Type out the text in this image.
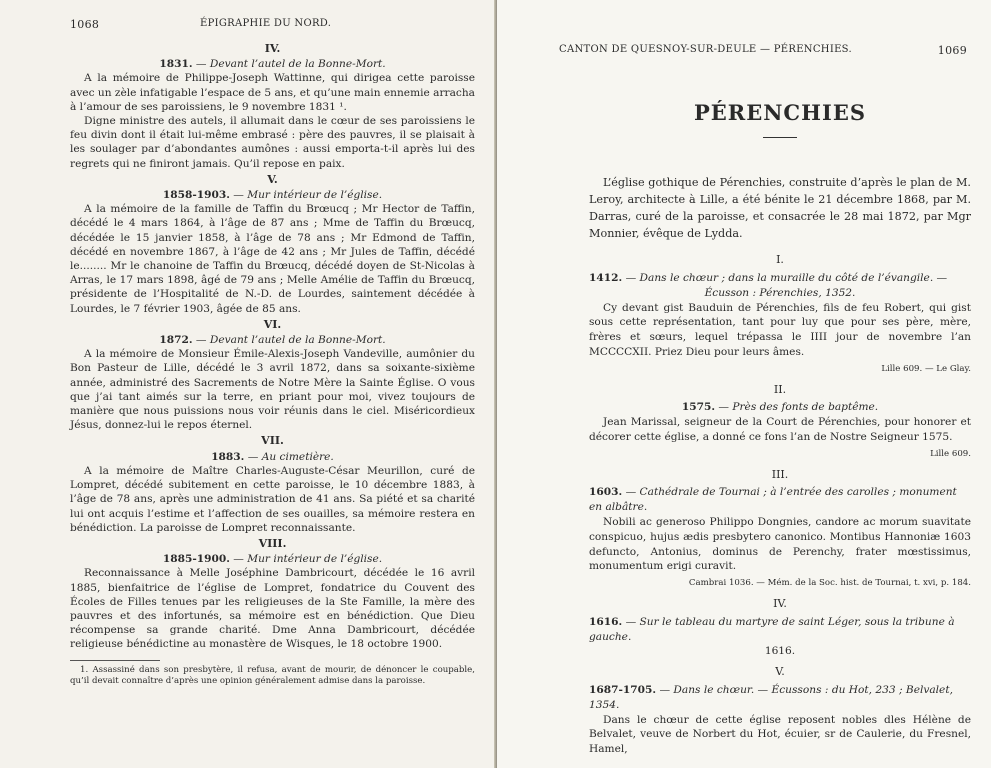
1068	ÉPIGRAPHIE DU NORD.
IV.
1831. — Devant l’autel de la Bonne-Mort.

A la mémoire de Philippe-Joseph Wattinne, qui dirigea cette paroisse avec un zèle infatigable l’espace de 5 ans, et qu’une main ennemie arracha à l’amour de ses paroissiens, le 9 novembre 1831 ¹.

Digne ministre des autels, il allumait dans le cœur de ses paroissiens le feu divin dont il était lui-même embrasé : père des pauvres, il se plaisait à les soulager par d’abondantes aumônes : aussi emporta-t-il après lui des regrets qui ne finiront jamais. Qu’il repose en paix.

V.
1858-1903. — Mur intérieur de l’église.

A la mémoire de la famille de Taffin du Brœucq ; Mr Hector de Taffin, décédé le 4 mars 1864, à l’âge de 87 ans ; Mme de Taffin du Brœucq, décédée le 15 janvier 1858, à l’âge de 78 ans ; Mr Edmond de Taffin, décédé en novembre 1867, à l’âge de 42 ans ; Mr Jules de Taffin, décédé le........ Mr le chanoine de Taffin du Brœucq, décédé doyen de St-Nicolas à Arras, le 17 mars 1898, âgé de 79 ans ; Melle Amélie de Taffin du Brœucq, présidente de l’Hospitalité de N.-D. de Lourdes, saintement décédée à Lourdes, le 7 février 1903, âgée de 85 ans.

VI.
1872. — Devant l’autel de la Bonne-Mort.

A la mémoire de Monsieur Émile-Alexis-Joseph Vandeville, aumônier du Bon Pasteur de Lille, décédé le 3 avril 1872, dans sa soixante-sixième année, administré des Sacrements de Notre Mère la Sainte Église. O vous que j’ai tant aimés sur la terre, en priant pour moi, vivez toujours de manière que nous puissions nous voir réunis dans le ciel. Miséricordieux Jésus, donnez-lui le repos éternel.

VII.
1883. — Au cimetière.

A la mémoire de Maître Charles-Auguste-César Meurillon, curé de Lompret, décédé subitement en cette paroisse, le 10 décembre 1883, à l’âge de 78 ans, après une administration de 41 ans. Sa piété et sa charité lui ont acquis l’estime et l’affection de ses ouailles, sa mémoire restera en bénédiction. La paroisse de Lompret reconnaissante.

VIII.
1885-1900. — Mur intérieur de l’église.

Reconnaissance à Melle Joséphine Dambricourt, décédée le 16 avril 1885, bienfaitrice de l’église de Lompret, fondatrice du Couvent des Écoles de Filles tenues par les religieuses de la Ste Famille, la mère des pauvres et des infortunés, sa mémoire est en bénédiction. Que Dieu récompense sa grande charité. Dme Anna Dambricourt, décédée religieuse bénédictine au monastère de Wisques, le 18 octobre 1900.

1. Assassiné dans son presbytère, il refusa, avant de mourir, de dénoncer le coupable, qu’il devait connaître d’après une opinion généralement admise dans la paroisse.
CANTON DE QUESNOY-SUR-DEULE — PÉRENCHIES.	1069
PÉRENCHIES

L’église gothique de Pérenchies, construite d’après le plan de M. Leroy, architecte à Lille, a été bénite le 21 décembre 1868, par M. Darras, curé de la paroisse, et consacrée le 28 mai 1872, par Mgr Monnier, évêque de Lydda.

I.
1412. — Dans le chœur ; dans la muraille du côté de l’évangile. —
Écusson : Pérenchies, 1352.

Cy devant gist Bauduin de Pérenchies, fils de feu Robert, qui gist sous cette représentation, tant pour luy que pour ses père, mère, frères et sœurs, lequel trépassa le IIII jour de novembre l’an MCCCCXII. Priez Dieu pour leurs âmes.

Lille 609. — Le Glay.
II.
1575. — Près des fonts de baptême.

Jean Marissal, seigneur de la Court de Pérenchies, pour honorer et décorer cette église, a donné ce fons l’an de Nostre Seigneur 1575.

Lille 609.
III.
1603. — Cathédrale de Tournai ; à l’entrée des carolles ; monument en albâtre.

Nobili ac generoso Philippo Dongnies, candore ac morum suavitate conspicuo, hujus ædis presbytero canonico. Montibus Hannoniæ 1603 defuncto, Antonius, dominus de Perenchy, frater mœstissimus, monumentum erigi curavit.

Cambrai 1036. — Mém. de la Soc. hist. de Tournai, t. xvi, p. 184.
IV.
1616. — Sur le tableau du martyre de saint Léger, sous la tribune à gauche.
1616.
V.
1687-1705. — Dans le chœur. — Écussons : du Hot, 233 ; Belvalet, 1354.

Dans le chœur de cette église reposent nobles dles Hélène de Belvalet, veuve de Norbert du Hot, écuier, sr de Caulerie, du Fresnel, Hamel,
